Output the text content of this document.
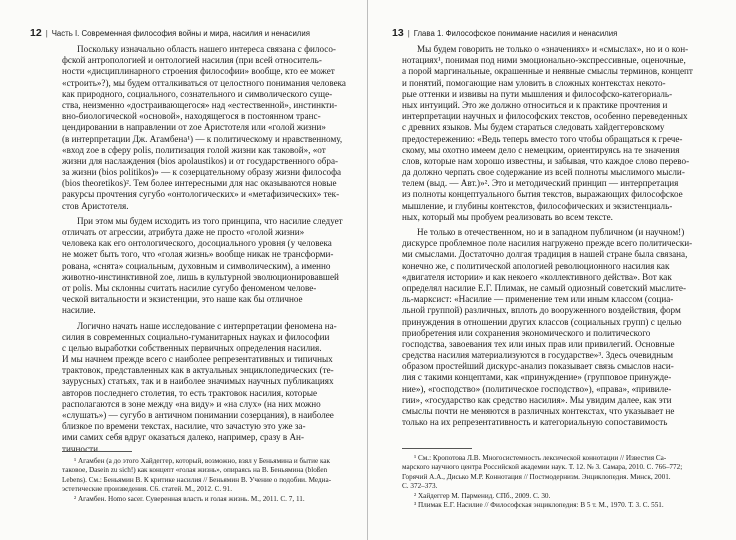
12 | Часть I. Современная философия войны и мира, насилия и ненасилия
Поскольку изначально область нашего интереса связана с филосо-
фской антропологией и онтологией насилия (при всей относитель-
ности «дисциплинарного строения философии» вообще, кто ее может
«строить»?), мы будем отталкиваться от целостного понимания человека
как природного, социального, сознательного и символического суще-
ства, неизменно «достраивающегося» над «естественной», инстинкти-
вно-биологической «основой», находящегося в постоянном транс-
цендировании в направлении от zoe Аристотеля или «голой жизни»
(в интерпретации Дж. Агамбена¹) — к политическому и нравственному,
«вход zoe в сферу polis, политизация голой жизни как таковой», «от
жизни для наслаждения (bios apolaustikos) и от государственного обра-
за жизни (bios politikos)» — к созерцательному образу жизни философа
(bios theoretikos)². Тем более интересными для нас оказываются новые
ракурсы прочтения сугубо «онтологических» и «метафизических» тек-
стов Аристотеля.
При этом мы будем исходить из того принципа, что насилие следует
отличать от агрессии, атрибута даже не просто «голой жизни»
человека как его онтологического, досоциального уровня (у человека
не может быть того, что «голая жизнь» вообще никак не трансформи-
рована, «снята» социальным, духовным и символическим), а именно
животно-инстинктивной zoe, лишь в культурной эволюционировавшей
от polis. Мы склонны считать насилие сугубо феноменом челове-
ческой витальности и экзистенции, это наше как бы отличное
насилие.
Логично начать наше исследование с интерпретации феномена на-
силия в современных социально-гуманитарных науках и философии
с целью выработки собственных первичных определения насилия.
И мы начнем прежде всего с наиболее репрезентативных и типичных
трактовок, представленных как в актуальных энциклопедических (те-
заурусных) статьях, так и в наиболее значимых научных публикациях
авторов последнего столетия, то есть трактовок насилия, которые
располагаются в зоне между «на виду» и «на слух» (на них можно
«слушать») — сугубо в античном понимании созерцания), в наиболее
близкое по времени текстах, насилие, что зачастую это уже за-
ими самих себя вдруг оказаться далеко, например, сразу в Ан-
тичности.
¹ Агамбен (а до этого Хайдеггер, который, возможно, взял у Беньямина и бытие как
таковое, Dasein zu sich!) как концепт «голая жизнь», опираясь на В. Беньямина (bloßen
Lebens). См.: Беньямин В. К критике насилия // Беньямин В. Учение о подобии. Медиа-
эстетические произведения. С6. статей. М., 2012. С. 91.
² Агамбен. Homo sacer. Суверенная власть и голая жизнь. М., 2011. С. 7, 11.
13 | Глава 1. Философское понимание насилия и ненасилия
Мы будем говорить не только о «значениях» и «смыслах», но и о кон-
нотациях¹, понимая под ними эмоционально-экспрессивные, оценочные,
а порой маргинальные, окрашенные и неявные смыслы терминов, концепт
и понятий, помогающие нам уловить в сложных контекстах некото-
рые оттенки и извивы на пути мышления и философско-категориаль-
ных интуиций. Это же должно относиться и к практике прочтения и
интерпретации научных и философских текстов, особенно переведенных
с древних языков. Мы будем стараться следовать хайдеггеровскому
предостережению: «Ведь теперь вместо того чтобы обращаться к грече-
скому, мы охотно имеем дело с немецким, ориентируясь на те значения
слов, которые нам хорошо известны, и забывая, что каждое слово перево-
да должно черпать свое содержание из всей полноты мыслимого мысли-
телем (выд. — Авт.)»². Это и методический принцип — интерпретация
из полноты концептуального бытия текстов, выражающих философское
мышление, и глубины контекстов, философических и экзистенциаль-
ных, который мы пробуем реализовать во всем тексте.
Не только в отечественном, но и в западном публичном (и научном!)
дискурсе проблемное поле насилия нагружено прежде всего политически-
ми смыслами. Достаточно долгая традиция в нашей стране была связана,
конечно же, с политической апологией революционного насилия как
«двигателя истории» и как некоего «коллективного действа». Вот как
определял насилие Е.Г. Плимак, не самый одиозный советский мыслите-
ль-марксист: «Насилие — применение тем или иным классом (социа-
льной группой) различных, вплоть до вооруженного воздействия, форм
принуждения в отношении других классов (социальных групп) с целью
приобретения или сохранения экономического и политического
господства, завоевания тех или иных прав или привилегий. Основные
средства насилия материализуются в государстве»³. Здесь очевидным
образом простейший дискурс-анализ показывает связь смыслов наси-
лия с такими концептами, как «принуждение» (групповое принужде-
ние»), «господство» (политическое господство»), «права», «привиле-
гии», «государство как средство насилия». Мы увидим далее, как эти
смыслы почти не меняются в различных контекстах, что указывает не
только на их репрезентативность и категориальную сопоставимость
¹ См.: Кропотова Л.В. Многосистемность лексической коннотации // Известия Са-
марского научного центра Российской академии наук. Т. 12. № 3. Самара, 2010. С. 766–772;
Горячий А.А., Дисько М.Р. Коннотация // Постмодернизм. Энциклопедия. Минск, 2001.
С. 372–373.
² Хайдеггер М. Парменид. СПб., 2009. С. 30.
³ Плимак Е.Г. Насилие // Философская энциклопедия: В 5 т. М., 1970. Т. 3. С. 551.
